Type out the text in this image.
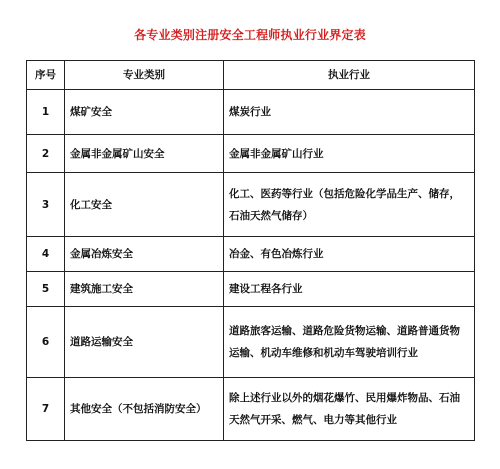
各专业类别注册安全工程师执业行业界定表
序号	专业类别	执业行业
1	煤矿安全	煤炭行业
2	金属非金属矿山安全	金属非金属矿山行业
3	化工安全	化工、医药等行业（包括危险化学品生产、储存，石油天然气储存）
4	金属冶炼安全	冶金、有色冶炼行业
5	建筑施工安全	建设工程各行业
6	道路运输安全	道路旅客运输、道路危险货物运输、道路普通货物运输、机动车维修和机动车驾驶培训行业
7	其他安全（不包括消防安全）	除上述行业以外的烟花爆竹、民用爆炸物品、石油天然气开采、燃气、电力等其他行业
